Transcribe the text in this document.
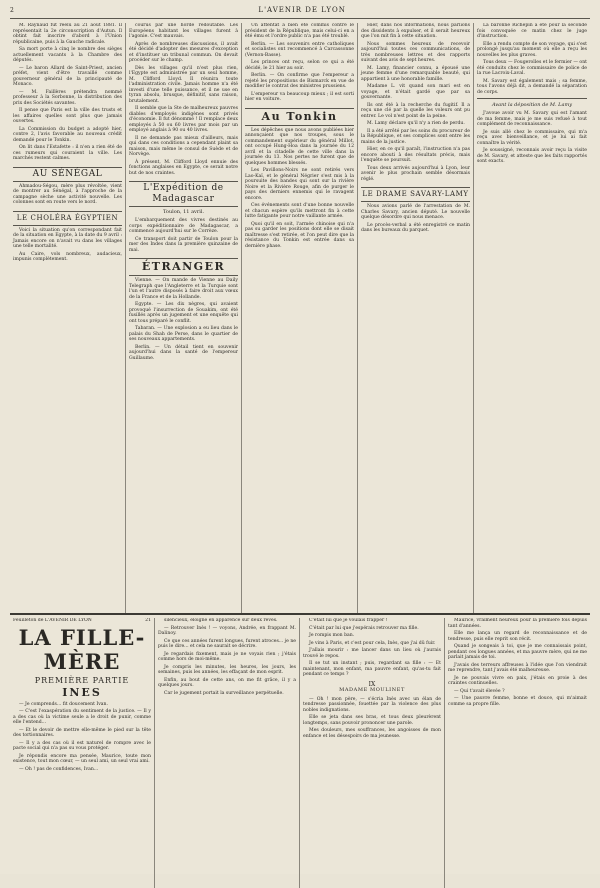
2	L'AVENIR DE LYON

M. Raynaud fut réélu au 21 août 1881. Il représentait la 2e circonscription d'Autun. Il obtint fait inscrire d'abord à l'Union républicaine, puis à la Gauche radicale.

Sa mort porte à cinq le nombre des sièges actuellement vacants à la Chambre des députés.

— Le baron Allard de Saint-Priest, ancien préfet, vient d'être travaillé comme gouverneur général de la principauté de Monaco.

— M. Faillères prétendra nommé professeur à la Sorbonne, la distribution des prix des Sociétés savantes.

Il pense que Paris est la ville des trusts et les affaires quelles sont plus que jamais ouvertes.

La Commission du budget a adopté hier, contre 2, l'avis favorable au nouveau crédit demandé pour le Tonkin.

On lit dans l'Estafette : il n'en a rien été de ces rumeurs qui couraient la ville. Les marchés restent calmes.

AU SÉNÉGAL

Ahmadou-Ségou, mère plus révoltée, vient de montrer au Sénégal, à l'approche de la campagne sèche une activité nouvelle. Les colonnes sont en route vers le nord.

LE CHOLÉRA ÉGYPTIEN

Voici la situation qu'on correspondant fait de la situation en Egypte, à la date du 9 avril : Jamais encore on n'avait vu dans les villages une telle mortalité.

Au Caire, vols nombreux, audacieux, impunis complètement.

courus par une horde redoutable. Les Européens habitant les villages furent à l'agonie. C'est mauvais.

Après de nombreuses discussions, il avait été décidé d'adopter des mesures d'exception et d'instituer un tribunal commun. On devait procéder sur le champ.

Dès les villages qu'il n'est plus rien, l'Egypte est administrée par un seul homme, M. Clifford Lloyd. Il réunira toute l'administration civile. Jamais homme n'a été investi d'une telle puissance, et il ne use en tyran absolu, brusque, définitif, sans raison, brutalement.

Il semble que la Ste de malheureux pauvres diables d'employés indigènes sont privés d'économie. Il fut dénommé ! Il remplace deux employés à 50 ou 60 livres par mois par un employé anglais à 90 ou 40 livres.

Il ne demande pas mieux d'ailleurs, mais qui dans ces conditions a cependant plaint sa maison, mais même le consul de Suède et de Norvège.

À présent, M. Clifford Lloyd ennuie des fonctions anglaises en Egypte, ce serait notre but de nos craintes.

L'Expédition de Madagascar
Toulon, 11 avril.

L'embarquement des vivres destinés au corps expéditionnaire de Madagascar, a commencé aujourd'hui sur le Corrèze.

Ce transport doit partir de Toulon pour la mer des Indes dans la première quinzaine de mai.

ÉTRANGER

Vienne. — On mande de Vienne au Daily Telegraph que l'Angleterre et la Turquie sont l'un et l'autre disposés à faire droit aux vœux de la France et de la Hollande.

Egypte. — Les dix nègres, qui avaient provoqué l'insurrection de Souakim, ont été fusillés après un jugement et une enquête qui ont tous préparé le conflit.

Tabaran. — Une explosion a eu lieu dans le palais du Shah de Perse, dans le quartier de ses nouveaux appartements.

Berlin. — Un détail tient en souvenir aujourd'hui dans la santé de l'empereur Guillaume.

Un attentat a bien été commis contre le président de la République, mais celui-ci en a été ému et l'ordre public n'a pas été troublé.

Berlin. — Les souvenirs entre catholiques et socialistes ont recommencé à Carcassonne (Vernon-Basse).

Les princes ont reçu, selon ce qui a été décidé, le 21 hier au soir.

Berlin. — On confirme que l'empereur a rejeté les propositions de Bismarck en vue de modifier le contrat des ministres prussiens.

L'empereur va beaucoup mieux ; il est sorti hier en voiture.

Au Tonkin

Les dépêches que nous avons publiées hier annonçaient que nos troupes, sous le commandement supérieur du général Millot, ont occupé Hung-Hoa dans la journée du 12 avril et la citadelle de cette ville dans la journée du 13. Nos pertes ne furent que de quelques hommes blessés.

Les Pavillons-Noirs ne sont retirés vers Lao-Kaï, et le général Négrier s'est mis à la poursuite des bandes qui sont sur la rivière Noire et la Rivière Rouge, afin de purger le pays des derniers ennemis qui le ravagent encore.

Ces événements sont d'une bonne nouvelle et chacun espère qu'ils mettront fin à cette lutte fatigante pour notre vaillante armée.

Quoi qu'il en soit, l'armée chinoise qui n'a pas su garder les positions dont elle se disait maîtresse s'est retirée, et l'on peut dire que la résistance du Tonkin est entrée dans sa dernière phase.

Hier, dans nos informations, nous parlions des dissidents à expulser, et il serait heureux que l'on mit fin à cette situation.

Nous sommes heureux de recevoir aujourd'hui toutes ces communications, de très nombreuses lettres et des rapports suivant des avis de sept heures.

M. Lamy, financier connu, a épousé une jeune femme d'une remarquable beauté, qui appartient à une honorable famille.

Madame L. vit quand son mari est en voyage, et n'était gardé que par sa gouvernante.

Ils ont été à la recherche du fugitif. Il a reçu une clé par la quelle les voleurs ont pu entrer. Le vol n'est point de la peine.

M. Lamy déclare qu'il n'y a rien de perdu.

Il a été arrêté par les soins du procureur de la République, et ses complices sont entre les mains de la justice.

Hier, en ce qu'il paraît, l'instruction n'a pas encore abouti à des résultats précis, mais l'enquête se poursuit.

Tous deux arrivés aujourd'hui à Lyon, leur avenir le plus prochain semble désormais réglé.

LE DRAME SAVARY-LAMY

Nous avions parlé de l'arrestation de M. Charles Savary, ancien député. Le nouvelle quelque désordre qui nous menace.

Le procès-verbal a été enregistré ce matin dans les bureaux du parquet.

La baronne Richepin a été pour la seconde fois convoquée ce matin chez le juge d'instruction.

Elle a rendu compte de son voyage, qui s'est prolongé jusqu'au moment où elle a reçu les nouvelles les plus graves.

Tous deux — Fougerolles et le fermier — ont été conduits chez le commissaire de police de la rue Lacroix-Laval.

M. Savary est également mais ; sa femme, tous l'avons déjà dit, a demandé la séparation de corps.

Avant la déposition de M. Lamy

J'avoue avoir vu M. Savary qui est l'amant de ma femme, mais je me suis refusé à tout complément de reconnaissance.

Je suis allé chez le commissaire, qui m'a reçu avec bienveillance, et je lui ai fait connaître la vérité.

Je soussigné, reconnais avoir reçu la visite de M. Savary, et atteste que les faits rapportés sont exacts.

Feuilleton de L'AVENIR DE LYON	21
LA FILLE-MÈRE
PREMIÈRE PARTIE
INES

— Je comprends... fit doucement Ivan.

— C'est l'exaspération du sentiment de la justice. — Il y a des cas où la victime seule a le droit de punir, comme elle l'entend...

— Et le devoir de mettre elle-même le pied sur la tête des tortionnaires.

— Il y a des cas où il est naturel de rompre avec le pacte social qui n'a pas su vous protéger.

Je répondis encore ma pensée, Maurice, toute mon existence, tout mon cœur, — un seul ami, un seul vrai ami.

— Oh ! pas de confidences, Ivan...

silencieux, éloigné en apparence sur deux rêves.

— Retrouver Inès ! — voyons, Andrée, en frappant M. Dalinoy.

Ce que ces années furent longues, furent atroces... je ne puis le dire... et cela ne saurait se décrire.

Je regardais fixement, mais je ne voyais rien ; j'étais comme hors de moi-même.

Je compris les minutes, les heures, les jours, les semaines, puis les années, les effaçant de mon esprit.

Enfin, au bout de cette ans, on me fit grâce, il y a quelques jours.

Car le jugement portait la surveillance perpétuelle.

C'était lui que je voulais frapper !

C'était par lui que j'espérais retrouver ma fille.

Je rompis mon ban.

Je vins à Paris, et c'est pour cela, Inès, que j'ai dû fuir.

J'allais mourir : me lancer dans un lieu où j'aurais trouvé le repos.

Il se tut un instant ; puis, regardant sa fille : — Et maintenant, mon enfant, ma pauvre enfant, qu'as-tu fait pendant ce temps ?

IX
MADAME MOULINET

— Oh ! mon père, — s'écria Inès avec un élan de tendresse passionnée, fouettée par la violence des plus nobles indignations.

Elle se jeta dans ses bras, et tous deux pleurèrent longtemps, sans pouvoir prononcer une parole.

Mes douleurs, mes souffrances, les angoisses de mon enfance et les désespoirs de ma jeunesse.

Maurice, vraiment heureux pour la première fois depuis tant d'années.

Elle me lança un regard de reconnaissance et de tendresse, puis elle reprit son récit.

Quand je songeais à toi, que je me connaissais point, pendant ces longues années, et ma pauvre mère, qui ne me parlait jamais de toi.

J'avais des terreurs affreuses à l'idée que l'on viendrait me reprendre, tant j'avais été malheureuse.

Je ne pouvais vivre en paix, j'étais en proie à des craintes continuelles.

— Qui t'avait élevée ?

— Une pauvre femme, bonne et douce, qui m'aimait comme sa propre fille.
